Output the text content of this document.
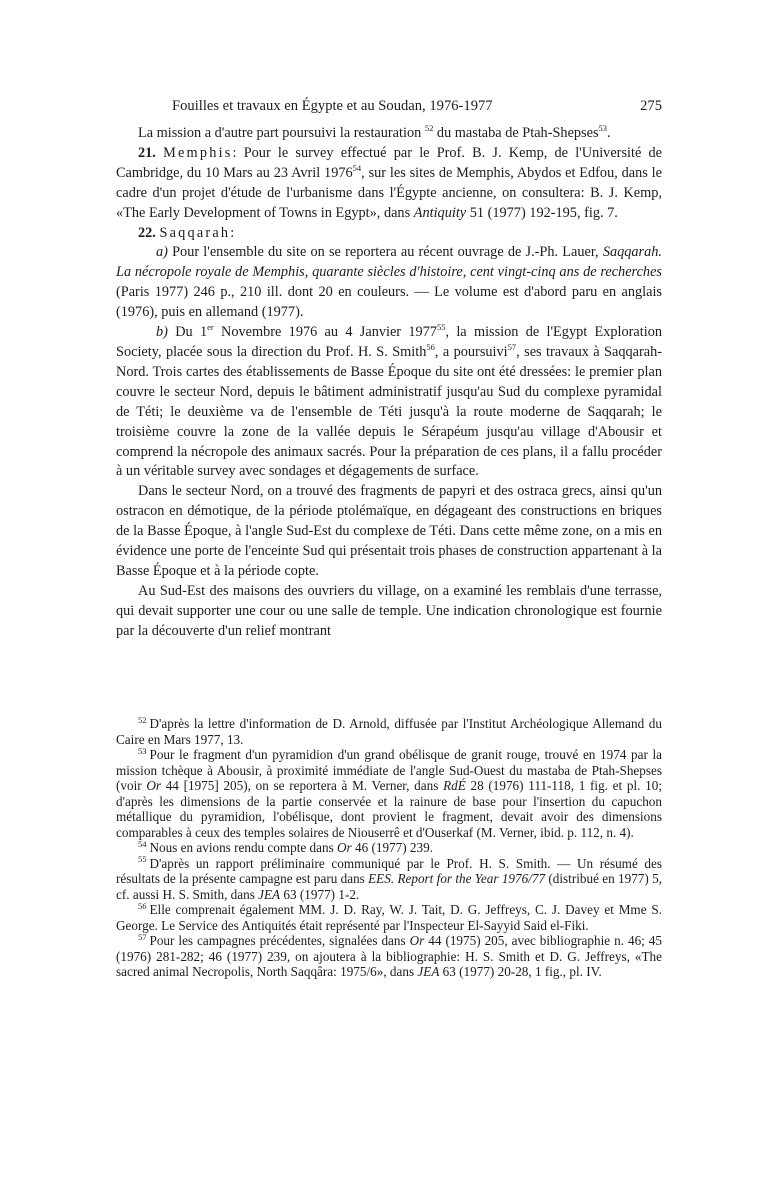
Fouilles et travaux en Égypte et au Soudan, 1976-1977	275

La mission a d'autre part poursuivi la restauration $^{52}$ du mastaba de Ptah-Shepses$^{53}$.

21. Memphis: Pour le survey effectué par le Prof. B. J. Kemp, de l'Université de Cambridge, du 10 Mars au 23 Avril 1976$^{54}$, sur les sites de Memphis, Abydos et Edfou, dans le cadre d'un projet d'étude de l'urbanisme dans l'Égypte ancienne, on consultera: B. J. Kemp, «The Early Development of Towns in Egypt», dans Antiquity 51 (1977) 192-195, fig. 7.

22. Saqqarah:

a) Pour l'ensemble du site on se reportera au récent ouvrage de J.-Ph. Lauer, Saqqarah. La nécropole royale de Memphis, quarante siècles d'histoire, cent vingt-cinq ans de recherches (Paris 1977) 246 p., 210 ill. dont 20 en couleurs. — Le volume est d'abord paru en anglais (1976), puis en allemand (1977).

b) Du 1er Novembre 1976 au 4 Janvier 1977$^{55}$, la mission de l'Egypt Exploration Society, placée sous la direction du Prof. H. S. Smith$^{56}$, a poursuivi$^{57}$, ses travaux à Saqqarah-Nord. Trois cartes des établissements de Basse Époque du site ont été dressées: le premier plan couvre le secteur Nord, depuis le bâtiment administratif jusqu'au Sud du complexe pyramidal de Téti; le deuxième va de l'ensemble de Téti jusqu'à la route moderne de Saqqarah; le troisième couvre la zone de la vallée depuis le Sérapéum jusqu'au village d'Abousir et comprend la nécropole des animaux sacrés. Pour la préparation de ces plans, il a fallu procéder à un véritable survey avec sondages et dégagements de surface.

Dans le secteur Nord, on a trouvé des fragments de papyri et des ostraca grecs, ainsi qu'un ostracon en démotique, de la période ptolémaïque, en dégageant des constructions en briques de la Basse Époque, à l'angle Sud-Est du complexe de Téti. Dans cette même zone, on a mis en évidence une porte de l'enceinte Sud qui présentait trois phases de construction appartenant à la Basse Époque et à la période copte.

Au Sud-Est des maisons des ouvriers du village, on a examiné les remblais d'une terrasse, qui devait supporter une cour ou une salle de temple. Une indication chronologique est fournie par la découverte d'un relief montrant

$^{52}$ D'après la lettre d'information de D. Arnold, diffusée par l'Institut Archéologique Allemand du Caire en Mars 1977, 13.

$^{53}$ Pour le fragment d'un pyramidion d'un grand obélisque de granit rouge, trouvé en 1974 par la mission tchèque à Abousir, à proximité immédiate de l'angle Sud-Ouest du mastaba de Ptah-Shepses (voir Or 44 [1975] 205), on se reportera à M. Verner, dans RdÉ 28 (1976) 111-118, 1 fig. et pl. 10; d'après les dimensions de la partie conservée et la rainure de base pour l'insertion du capuchon métallique du pyramidion, l'obélisque, dont provient le fragment, devait avoir des dimensions comparables à ceux des temples solaires de Niouserrê et d'Ouserkaf (M. Verner, ibid. p. 112, n. 4).

$^{54}$ Nous en avions rendu compte dans Or 46 (1977) 239.

$^{55}$ D'après un rapport préliminaire communiqué par le Prof. H. S. Smith. — Un résumé des résultats de la présente campagne est paru dans EES. Report for the Year 1976/77 (distribué en 1977) 5, cf. aussi H. S. Smith, dans JEA 63 (1977) 1-2.

$^{56}$ Elle comprenait également MM. J. D. Ray, W. J. Tait, D. G. Jeffreys, C. J. Davey et Mme S. George. Le Service des Antiquités était représenté par l'Inspecteur El-Sayyid Said el-Fiki.

$^{57}$ Pour les campagnes précédentes, signalées dans Or 44 (1975) 205, avec bibliographie n. 46; 45 (1976) 281-282; 46 (1977) 239, on ajoutera à la bibliographie: H. S. Smith et D. G. Jeffreys, «The sacred animal Necropolis, North Saqqâra: 1975/6», dans JEA 63 (1977) 20-28, 1 fig., pl. IV.
